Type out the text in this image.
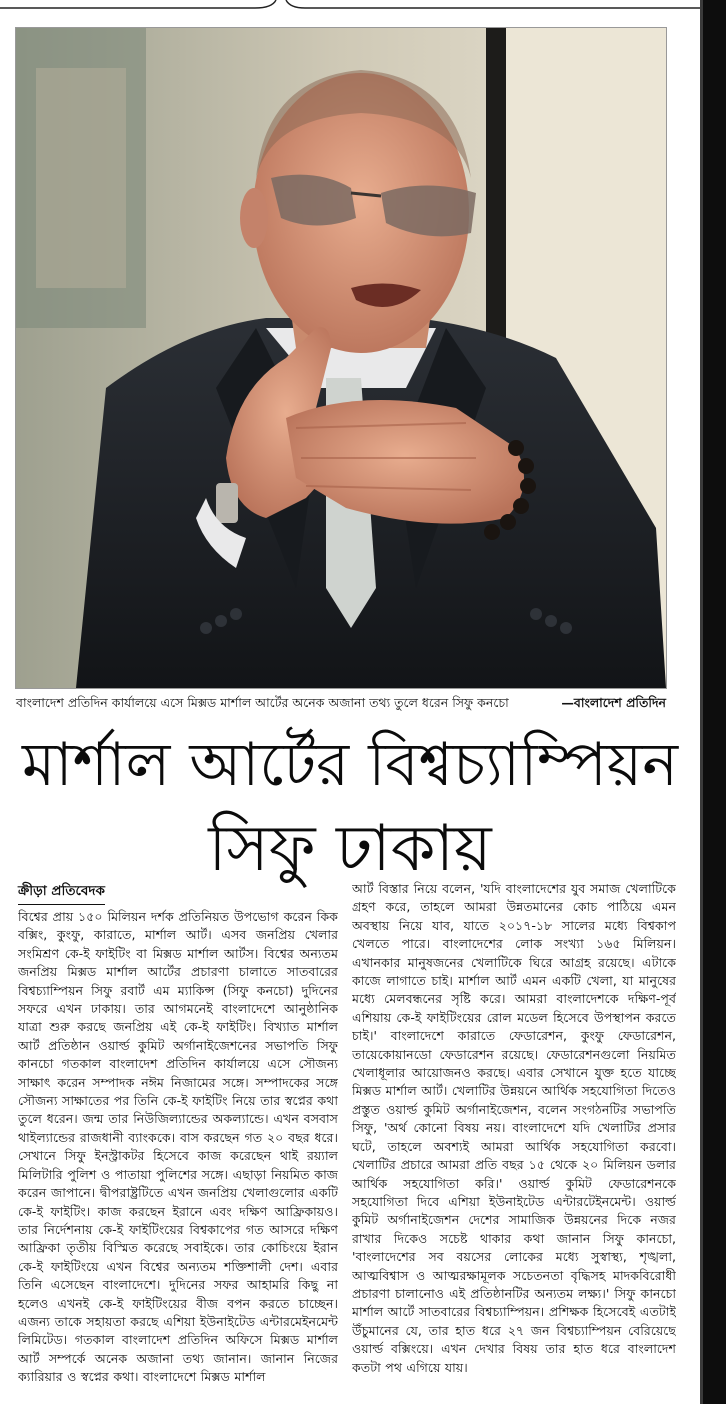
বাংলাদেশ প্রতিদিন কার্যালয়ে এসে মিক্সড মার্শাল আর্টের অনেক অজানা তথ্য তুলে ধরেন সিফু কনচো	—বাংলাদেশ প্রতিদিন
মার্শাল আর্টের বিশ্বচ্যাম্পিয়ন
সিফু ঢাকায়
ক্রীড়া প্রতিবেদক
বিশ্বের প্রায় ১৫০ মিলিয়ন দর্শক প্রতিনিয়ত উপভোগ করেন কিক বক্সিং, কুংফু, কারাতে, মার্শাল আর্ট। এসব জনপ্রিয় খেলার সংমিশ্রণ কে-ই ফাইটিং বা মিক্সড মার্শাল আর্টস। বিশ্বের অন্যতম জনপ্রিয় মিক্সড মার্শাল আর্টের প্রচারণা চালাতে সাতবারের বিশ্বচ্যাম্পিয়ন সিফু রবার্ট এম ম্যাকিন্স (সিফু কনচো) দুদিনের সফরে এখন ঢাকায়। তার আগমনেই বাংলাদেশে আনুষ্ঠানিক যাত্রা শুরু করছে জনপ্রিয় এই কে-ই ফাইটিং। বিখ্যাত মার্শাল আর্ট প্রতিষ্ঠান ওয়ার্ল্ড কুমিট অর্গানাইজেশনের সভাপতি সিফু কানচো গতকাল বাংলাদেশ প্রতিদিন কার্যালয়ে এসে সৌজন্য সাক্ষাৎ করেন সম্পাদক নঈম নিজামের সঙ্গে। সম্পাদকের সঙ্গে সৌজন্য সাক্ষাতের পর তিনি কে-ই ফাইটিং নিয়ে তার স্বপ্নের কথা তুলে ধরেন। জন্ম তার নিউজিল্যান্ডের অকল্যান্ডে। এখন বসবাস থাইল্যান্ডের রাজধানী ব্যাংককে। বাস করছেন গত ২০ বছর ধরে। সেখানে সিফু ইনস্ট্রাকটর হিসেবে কাজ করেছেন থাই রয়্যাল মিলিটারি পুলিশ ও পাতায়া পুলিশের সঙ্গে। এছাড়া নিয়মিত কাজ করেন জাপানে। দ্বীপরাষ্ট্রটিতে এখন জনপ্রিয় খেলাগুলোর একটি কে-ই ফাইটিং। কাজ করছেন ইরানে এবং দক্ষিণ আফ্রিকায়ও। তার নির্দেশনায় কে-ই ফাইটিংয়ের বিশ্বকাপের গত আসরে দক্ষিণ আফ্রিকা তৃতীয় বিস্মিত করেছে সবাইকে। তার কোচিংয়ে ইরান কে-ই ফাইটিংয়ে এখন বিশ্বের অন্যতম শক্তিশালী দেশ। এবার তিনি এসেছেন বাংলাদেশে। দুদিনের সফর আহামরি কিছু না হলেও এখনই কে-ই ফাইটিংয়ের বীজ বপন করতে চাচ্ছেন। এজন্য তাকে সহায়তা করছে এশিয়া ইউনাইটেড এন্টারমেইনমেন্ট লিমিটেড। গতকাল বাংলাদেশ প্রতিদিন অফিসে মিক্সড মার্শাল আর্ট সম্পর্কে অনেক অজানা তথ্য জানান। জানান নিজের ক্যারিয়ার ও স্বপ্নের কথা। বাংলাদেশে মিক্সড মার্শাল
আর্ট বিস্তার নিয়ে বলেন, 'যদি বাংলাদেশের যুব সমাজ খেলাটিকে গ্রহণ করে, তাহলে আমরা উন্নতমানের কোচ পাঠিয়ে এমন অবস্থায় নিয়ে যাব, যাতে ২০১৭-১৮ সালের মধ্যে বিশ্বকাপ খেলতে পারে। বাংলাদেশের লোক সংখ্যা ১৬৫ মিলিয়ন। এখানকার মানুষজনের খেলাটিকে ঘিরে আগ্রহ রয়েছে। এটাকে কাজে লাগাতে চাই। মার্শাল আর্ট এমন একটি খেলা, যা মানুষের মধ্যে মেলবন্ধনের সৃষ্টি করে। আমরা বাংলাদেশকে দক্ষিণ-পূর্ব এশিয়ায় কে-ই ফাইটিংয়ের রোল মডেল হিসেবে উপস্থাপন করতে চাই।' বাংলাদেশে কারাতে ফেডারেশন, কুংফু ফেডারেশন, তায়েকোয়ানডো ফেডারেশন রয়েছে। ফেডারেশনগুলো নিয়মিত খেলাধূলার আয়োজনও করছে। এবার সেখানে যুক্ত হতে যাচ্ছে মিক্সড মার্শাল আর্ট। খেলাটির উন্নয়নে আর্থিক সহযোগিতা দিতেও প্রস্তুত ওয়ার্ল্ড কুমিট অর্গানাইজেশন, বলেন সংগঠনটির সভাপতি সিফু, 'অর্থ কোনো বিষয় নয়। বাংলাদেশে যদি খেলাটির প্রসার ঘটে, তাহলে অবশ্যই আমরা আর্থিক সহযোগিতা করবো। খেলাটির প্রচারে আমরা প্রতি বছর ১৫ থেকে ২০ মিলিয়ন ডলার আর্থিক সহযোগিতা করি।' ওয়ার্ল্ড কুমিট ফেডারেশনকে সহযোগিতা দিবে এশিয়া ইউনাইটেড এন্টারটেইনমেন্ট। ওয়ার্ল্ড কুমিট অর্গানাইজেশন দেশের সামাজিক উন্নয়নের দিকে নজর রাখার দিকেও সচেষ্ট থাকার কথা জানান সিফু কানচো, 'বাংলাদেশের সব বয়সের লোকের মধ্যে সুস্বাস্থ্য, শৃঙ্খলা, আত্মবিশ্বাস ও আত্মরক্ষামূলক সচেতনতা বৃদ্ধিসহ মাদকবিরোধী প্রচারণা চালানোও এই প্রতিষ্ঠানটির অন্যতম লক্ষ্য।' সিফু কানচো মার্শাল আর্টে সাতবারের বিশ্বচ্যাম্পিয়ন। প্রশিক্ষক হিসেবেই এতটাই উঁচুমানের যে, তার হাত ধরে ২৭ জন বিশ্বচ্যাম্পিয়ন বেরিয়েছে ওয়ার্ল্ড বক্সিংয়ে। এখন দেখার বিষয় তার হাত ধরে বাংলাদেশ কতটা পথ এগিয়ে যায়।
